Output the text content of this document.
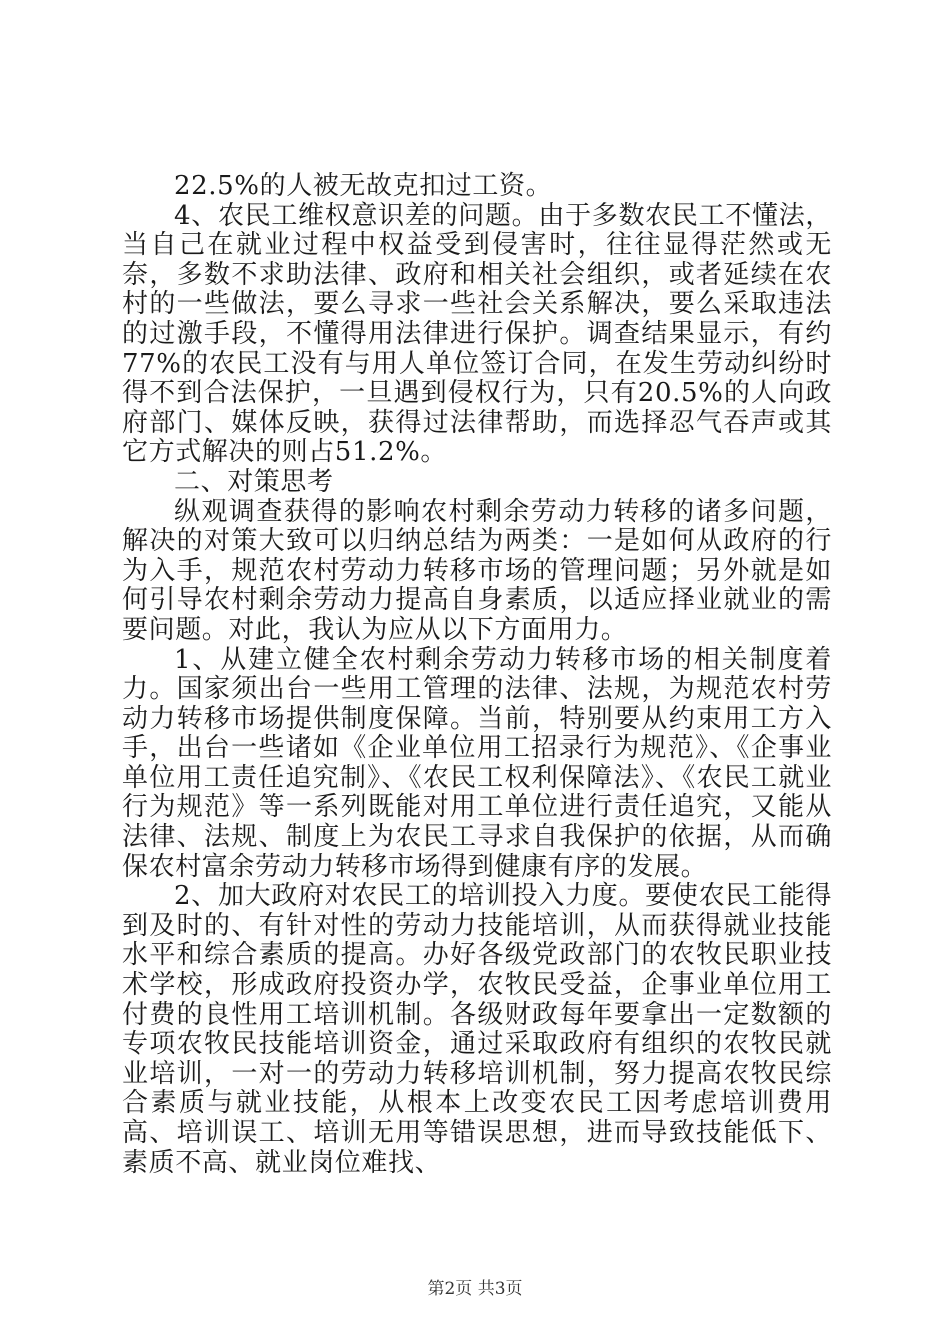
22.5%的人被无故克扣过工资。

4、农民工维权意识差的问题。由于多数农民工不懂法，当自己在就业过程中权益受到侵害时，往往显得茫然或无奈，多数不求助法律、政府和相关社会组织，或者延续在农村的一些做法，要么寻求一些社会关系解决，要么采取违法的过激手段，不懂得用法律进行保护。调查结果显示，有约77%的农民工没有与用人单位签订合同，在发生劳动纠纷时得不到合法保护，一旦遇到侵权行为，只有20.5%的人向政府部门、媒体反映，获得过法律帮助，而选择忍气吞声或其它方式解决的则占51.2%。

二、对策思考

纵观调查获得的影响农村剩余劳动力转移的诸多问题，解决的对策大致可以归纳总结为两类：一是如何从政府的行为入手，规范农村劳动力转移市场的管理问题；另外就是如何引导农村剩余劳动力提高自身素质，以适应择业就业的需要问题。对此，我认为应从以下方面用力。

1、从建立健全农村剩余劳动力转移市场的相关制度着力。国家须出台一些用工管理的法律、法规，为规范农村劳动力转移市场提供制度保障。当前，特别要从约束用工方入手，出台一些诸如《企业单位用工招录行为规范》、《企事业单位用工责任追究制》、《农民工权利保障法》、《农民工就业行为规范》等一系列既能对用工单位进行责任追究，又能从法律、法规、制度上为农民工寻求自我保护的依据，从而确保农村富余劳动力转移市场得到健康有序的发展。

2、加大政府对农民工的培训投入力度。要使农民工能得到及时的、有针对性的劳动力技能培训，从而获得就业技能水平和综合素质的提高。办好各级党政部门的农牧民职业技术学校，形成政府投资办学，农牧民受益，企事业单位用工付费的良性用工培训机制。各级财政每年要拿出一定数额的专项农牧民技能培训资金，通过采取政府有组织的农牧民就业培训，一对一的劳动力转移培训机制，努力提高农牧民综合素质与就业技能，从根本上改变农民工因考虑培训费用高、培训误工、培训无用等错误思想，进而导致技能低下、素质不高、就业岗位难找、

第2页 共3页
